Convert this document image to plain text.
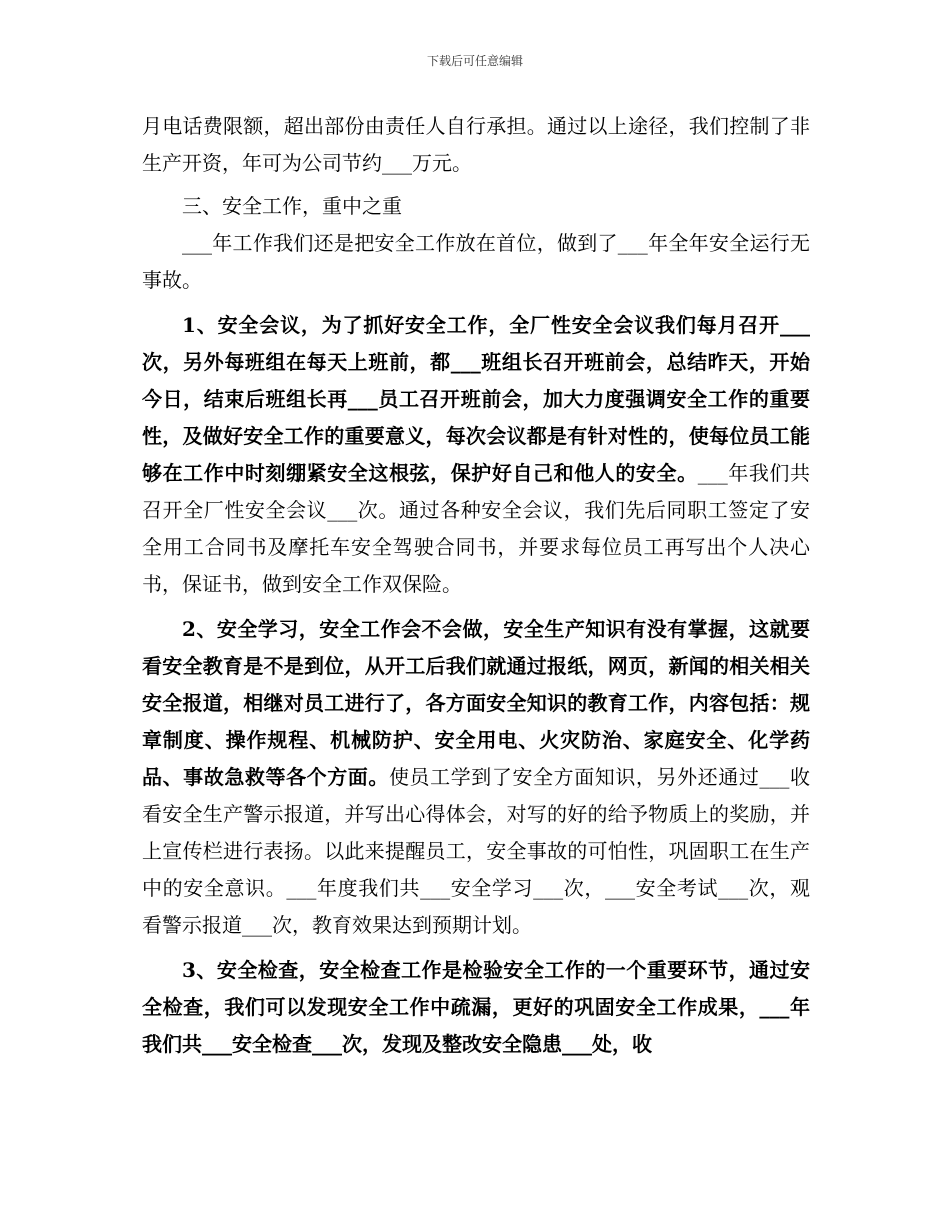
下载后可任意编辑

月电话费限额，超出部份由责任人自行承担。通过以上途径，我们控制了非生产开资，年可为公司节约___万元。

三、安全工作，重中之重

___年工作我们还是把安全工作放在首位，做到了___年全年安全运行无事故。

1、安全会议，为了抓好安全工作，全厂性安全会议我们每月召开___次，另外每班组在每天上班前，都___班组长召开班前会，总结昨天，开始今日，结束后班组长再___员工召开班前会，加大力度强调安全工作的重要性，及做好安全工作的重要意义，每次会议都是有针对性的，使每位员工能够在工作中时刻绷紧安全这根弦，保护好自己和他人的安全。___年我们共召开全厂性安全会议___次。通过各种安全会议，我们先后同职工签定了安全用工合同书及摩托车安全驾驶合同书，并要求每位员工再写出个人决心书，保证书，做到安全工作双保险。

2、安全学习，安全工作会不会做，安全生产知识有没有掌握，这就要看安全教育是不是到位，从开工后我们就通过报纸，网页，新闻的相关相关安全报道，相继对员工进行了，各方面安全知识的教育工作，内容包括：规章制度、操作规程、机械防护、安全用电、火灾防治、家庭安全、化学药品、事故急救等各个方面。使员工学到了安全方面知识，另外还通过___收看安全生产警示报道，并写出心得体会，对写的好的给予物质上的奖励，并上宣传栏进行表扬。以此来提醒员工，安全事故的可怕性，巩固职工在生产中的安全意识。___年度我们共___安全学习___次，___安全考试___次，观看警示报道___次，教育效果达到预期计划。

3、安全检查，安全检查工作是检验安全工作的一个重要环节，通过安全检查，我们可以发现安全工作中疏漏，更好的巩固安全工作成果，___年我们共___安全检查___次，发现及整改安全隐患___处，收
